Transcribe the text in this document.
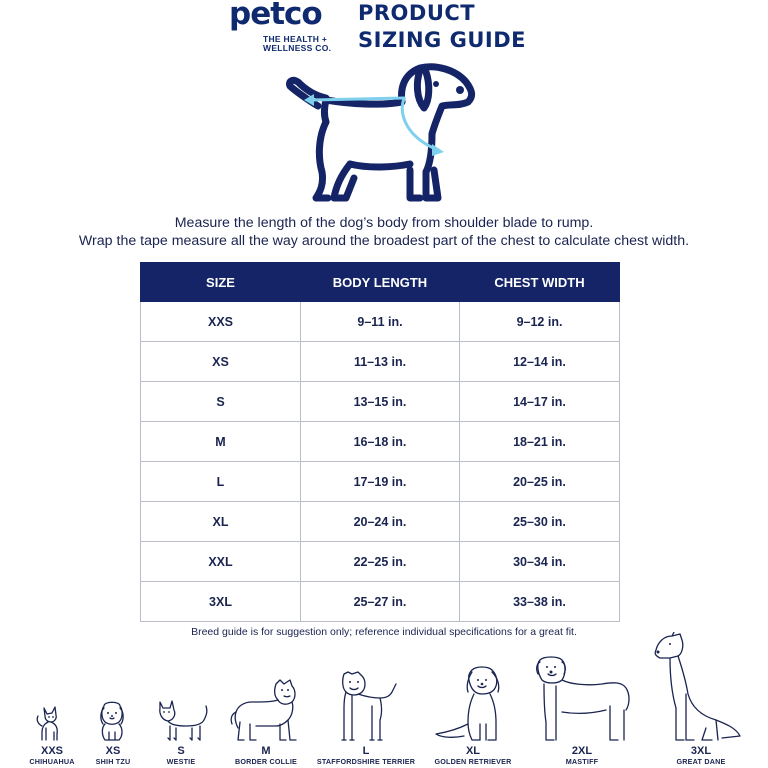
petco
THE HEALTH +
WELLNESS CO.
PRODUCT
SIZING GUIDE
Measure the length of the dog’s body from shoulder blade to rump.
Wrap the tape measure all the way around the broadest part of the chest to calculate chest width.
SIZE	BODY LENGTH	CHEST WIDTH
XXS	9–11 in.	9–12 in.
XS	11–13 in.	12–14 in.
S	13–15 in.	14–17 in.
M	16–18 in.	18–21 in.
L	17–19 in.	20–25 in.
XL	20–24 in.	25–30 in.
XXL	22–25 in.	30–34 in.
3XL	25–27 in.	33–38 in.
Breed guide is for suggestion only; reference individual specifications for a great fit.
XXS
CHIHUAHUA
XS
SHIH TZU
S
WESTIE
M
BORDER COLLIE
L
STAFFORDSHIRE TERRIER
XL
GOLDEN RETRIEVER
2XL
MASTIFF
3XL
GREAT DANE
